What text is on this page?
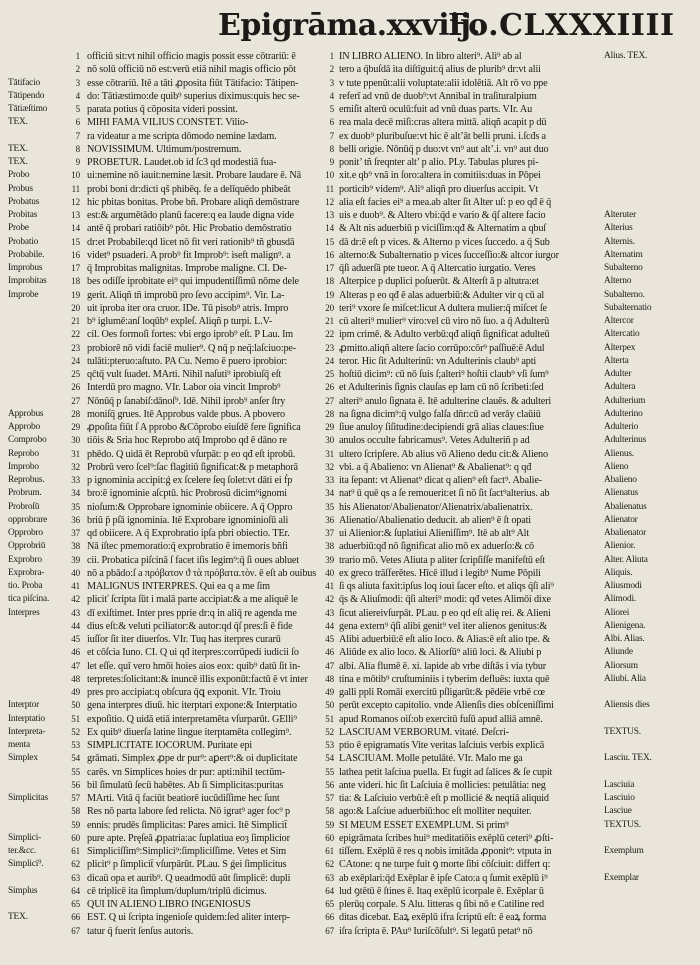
Epigrāma.xxviij.
Fo.CLXXXIIII
Tātifacio
Tātipendo
Tātiæſtimo
TEX.
TEX.
TEX.
Probo
Probus
Probatus
Probitas
Probe
Probatio
Probabile.
Improbus
Improbitas
Improbe
Approbus
Approbo
Comprobo
Reprobo
Improbo
Reprobus.
Probrum.
Probroſū
opprobrare
Opprobro
Opprobriū
Exprobro
Exprobra-
tio. Proba
tica piſcina.
Interpres
Interptor
Interptatio
Interpreta-
menta
Simplex
Simplicitas
Simplici-
ter.&cc.
Simplici⁹.
Simplus
TEX.
1 officiū sit:vt nihil officio magis possit esse cōtrariū: ē
2 nō solū officiū nō est:verū etiā nihil magis officio pōt
3 esse cōtrariū. Itē a tāti ꝓposita fiūt Tātifacio: Tātipen-
4 do: Tātiæstimo:de quib⁹ superius diximus:quis hec se-
5 parata potius q̄ cōposita videri possint.
6 MIHI FAMA VILIUS CONSTET. Vilio-
7 ra videatur a me scripta dōmodo nemine lædam.
8 NOVISSIMUM. Ultimum/postremum.
9 PROBETUR. Laudet.ob id ſc3 qd modestiā fua-
10 ui:nemine nō iauit:nemine læsit. Probare laudare ē. Nā
11 probi boni dr:dicti qš phibēq. fe a delīquēdo phibeāt
12 hic pbitas bonitas. Probe bñ. Probare aliqñ demōstrare
13 est:& argumētādo planū facere:q ea laude digna vide
14 antē q̄ probari ratiōib⁹ pōt. Hic Probatio demōstratio
15 dr:et Probabile:qd licet nō fit veri rationib⁹ tñ gbusdā
16 videt⁹ psuaderi. A prob⁹ fit Improb⁹: iseft malign⁹. a
17 q̄ Improbitas malignitas. Improbe maligne. CI. De-
18 bes odiſſe iprobitate ei⁹ qui impudentiſſimū nōme dele
19 gerit. Aliqñ tñ improbū pro ſevo accipim⁹. Vir. La-
20 uit iproba iter ora cruor. IDe. Tū pisob⁹ atris. Impro
21 b⁹ iglumē:anſ loqūb⁹ expleſ. Aliqñ p turpi. L.V-
22 cil. Oes formoſi fortes: vbi ergo iprob⁹ eſt. P Lau. Im
23 probiorē nō vidi faciē mulier⁹. Q nq̄ p neq̄:laſciuo:pe-
24 tulāti:pteruo:aſtuto. PA Cu. Nemo ē puero iprobior:
25 qc̄tq̄ vult ſuadet. MArti. Nihil naſuti⁹ iprobiuſq̄ eſt
26 Interdū pro magno. VIr. Labor oia vincit Improb⁹
27 Nōnūq̄ p ſanabiſ:dānoſ⁹. Idē. Nihil iprob⁹ anſer ſtry
28 moniſq̄ grues. Itē Approbus valde pbus. A pbovero
29 ꝓpoſita fiūt ſ A pprobo &Cōprobo eiuſdē fere ſignifica
30 tiōis & Sria hoc Reprobo atq̄ Improbo qd ē dāno re
31 phēdo. Q uidā ēt Reprobū vſurpāt: p eo qđ eſt iprobū.
32 Probrū vero ſcel⁹:ſac flagitiū ſignificat:& p metaphorā
33 p ignominia accipit:ǵ ex ſcelere ſeq ſolet:vt dāti ei ḟp
34 bro:ē ignominie aſcptū. hic Probrosū dicim⁹ignomi
35 nioſum:& Opprobare ignominie obiicere. A q̄ Oppro
36 briū p̄ pſā ignominia. Itē Exprobare ignominioſū ali
37 qd obiicere. A q̄ Exprobratio ipſa pbri obiectio. TEr.
38 Nā iſtec pmemoratio:q̄ exprobratio ē imemoris bñfi
39 cii. Probatica piſcinā ſ facet iſis legim⁹:q̄ ſi oues abluet
40 nō a pbādo:ſ a πρόβατον ϑ τὰ πρόβατα.τὸν. ē eſt ab ouibus
41 MALIGNUS INTERPRES. Qui ea q a me ſim
42 pliciť ſcripta ſūt i malā parte accipiat:& a me aliquē le
43 dī exiſtimet. Inter pres pprie dr:q in aliq̄ re agenda me
44 dius eſt:& veluti pciliator:& autor:qd q̄ſ pres:ſi ē fide
45 iuſſor ſit iter diuerſos. VIr. Tuq has iterpres curarū
46 et cōſcia Iuno. CI. Q ui qđ iterpres:corrūpedi iudicii ſo
47 let eſſe. quī vero hmōi hoies aios eox: quib⁹ datū ſit in-
48 terpretes:ſolicitant:& inuncē illis exponūt:factū ē vt inter
49 pres pro accipiat:q obſcura q̄ꝗ exponit. VIr. Troiu
50 gena interpres diuū. hic iterptari expone:& Interptatio
51 expoſitio. Q uidā etiā interpretamēta vſurparūt. GElli⁹
52 Ex quib⁹ diuerſa latine lingue iterptamēta collegim⁹.
53 SIMPLICITATE IOCORUM. Puritate epi
54 grāmati. Simplex ꝓpe dr pur⁹: aꝑert⁹:& oi duplicitate
55 carēs. vn Simplices hoies dr pur: apti:nihil tectūm-
56 bil ſimulatū ſecū habētes. Ab ſi Simplicitas:puritas
57 MArti. Vitā q̄ faciūt beatiorē iucūdiſſime hec ſunt
58 Res nō parta labore ſed relicta. Nō igrat⁹ ager foc⁹ p
59 ennis: prudēs ſimplicitas: Pares amici. Itē Simplicit̄
60 pure apte. Pręſeā ꝓpatria:ac ſuplatiua eoȝ ſimplicior
61 Simpliciſſim⁹:Simplici⁹:ſimpliciſſime. Vetes et Sim
62 plicit⁹ p ſimplicit̄ vſurpārūt. PLau. S ǵei ſimplicitus
63 dicaū opa et aurib⁹. Q ueadmodū aūt ſimplicē: dupli
64 cē triplicē ita ſimplum/duplum/triplū dicimus.
65 QUI IN ALIENO LIBRO INGENIOSUS
66 EST. Q ui ſcripta ingenioſe quidem:ſed aliter interp-
67 tatur q̄ fuerit ſenſus autoris.
1 IN LIBRO ALIENO. In libro alteri⁹. Ali⁹ ab al
2 tero a q̄buſdā ita diſtīguit:q̄ alius de plurib⁹ dr:vt alii
3 v tute ppenūt:alii voluptate:alii idolētiā. Alt rō vo ppe
4 referī ad vnū de duob⁹:vt Annibal in traſituralpium
5 emiſit alterū oculū:fuit ad vnū duas parts. VIr. Au
6 rea mala decē miſi:cras altera mittā. aliqñ acapit p dū
7 ex duob⁹ pluribuſue:vt hic ē alt’āt belli pruni. i.ſcđs a
8 belli origie. Nōnūq̄ p duo:vt vn⁹ aut alt’.i. vn⁹ aut duo
9 ponit’ tñ ſreqnter alt’ p alio. PLy. Tabulas plures pi-
10 xit.e qb⁹ vnā in ſoro:altera in comitiis:duas in Pōpei
11 porticib⁹ videm⁹. Ali⁹ aliqñ pro diuerſus accipit. Vt
12 alia eſt facies ei⁹ a mea.ab alter ſit Alter uſ: p eo qđ ē q̄
13 uis e duob⁹. & Altero vbi:q̄d e vario & q̄ſ altere facio
14 & Alt nis aduerbiū p viciſſim:qđ & Alternatim a qbuſ
15 dā dr:ē eſt p vices. & Alterno p vices ſuccedo. a q̄ Sub
16 alterno:& Subalternatio p vices ſucceſſio:& altcor iurgor
17 q̄ſi aduerſā pte tueor. A q̄ Altercatio iurgatio. Veres
18 Alterpice p duplici poſuerūt. & Alterſt ā p altutra:et
19 Alteras p eo qđ ē alas aduerbiū:& Adulter vir q cū al
20 teri⁹ vxore ſe miſcet:licut A dultera mulier:q̄ miſcet ſe
21 cū alteri⁹ mulier⁹ viro:vel cū viro nō ſuo. a q̄ Adulterū
22 ipm crimē. & Adulto verbū:qđ aliqñ ſignificat adulteū
23 ꝓmitto.aliqñ altere ſacio corrūpo:cōr⁹ paſſiuē:ē Adul
24 teror. Hic ſit Adulterinū: vn Adulterinis claub⁹ apti
25 hoſtiū dicim⁹: cū nō ſuis ſ;alteri⁹ hoſtii claub⁹ vſi ſum⁹
26 et Adulterinis ſignis clauſas ep lam cū nō ſcribeti:ſed
27 alteri⁹ anulo ſignata ē. Itē adulterine clauēs. & adulteri
28 na ſigna dicim⁹:q̄ vulgo falſa dñr:cū ad verāy claūiū
29 ſiue anuloy ſiſitudine:decipiendi grā alias claues:ſiue
30 anulos occulte fabricamus⁹. Vetes Adulteriñ p ad
31 ultero ſcripſere. Ab alius vō Alieno dedu cit:& Alieno
32 vbi. a q̄ Abalieno: vn Alienat⁹ & Abalienat⁹: q qđ
33 ita ſepant: vt Alienat⁹ dicat q alien⁹ eſt fact⁹. Abalie-
34 nat⁹ ū quē qs a ſe remouerit:et ſi nō ſit ſact⁹alterius. ab
35 his Alienator/Abalienator/Alienatrix/abalienatrix.
36 Alienatio/Abalienatio deducit. ab alien⁹ ē ſt opati
37 ui Alienior:& ſuplatiui Alieniſſim⁹. Itē ab alt⁹ Alt
38 aduerbiū:qđ nō ſignificat alio mō ex aduerſo:& cō
39 trario mō. Vetes Aliuta p aliter ſcripſiſſe manifeſtū eſt
40 ex greco trāſferētes. Hīcē illud i legib⁹ Nume Pōpili
41 ſi qs aliuta faxit:ipſus loq ioui ſacer eſto. et aliqs q̄ſi ali⁹
42 q̄s & Aliuſmodi: q̄ſi alteri⁹ modi: qđ vetes Alimōi dixe
43 ſicut aliereivſurpāt. PLau. p eo qd eſt alię rei. & Alieni
44 gena extern⁹ q̄ſi alibi genit⁹ vel iter alienos genitus:&
45 Alibi aduerbiū:ē eſt alio loco. & Alias:ē eſt alio tpe. &
46 Aliūde ex alio loco. & Aliorſū⁹ aliū loci. & Aliubi p
47 albi. Alia flumē ē. xi. lapide ab vrbe diſtās i via tybur
48 tina e mōtib⁹ cruſtuminiis i tyberim defluēs: iuxta quē
49 galli ppli Romāi exercitū pſligarūt:& pēdēie vrbē cœ
50 perūt excepto capitolio. vnde Alienſis dies obſceniſſimi
51 apud Romanos oiſ:ob exercitū fuſū apud alliā amnē.
52 LASCIUAM VERBORUM. vitaté. Deſcri-
53 ptio ē epigramatis Vite veritas laſciuis verbis explicā
54 LASCIUAM. Molle petulāté. VIr. Malo me ga
55 lathea petit laſciua puella. Et fugit ad ſalices & ſe cupit
56 ante videri. hic ſit Laſciuia ē mollicies: petulātia: neg
57 tia: & Laſciuio verbū:ē eſt p mollicié & neqtiā aliquid
58 ago:& Laſciue aduerbiū:hoc eſt molliter nequiter.
59 SI MEUM ESSET EXEMPLUM. Si prim⁹
60 epigrāmata ſcribes hui⁹ meditatiōis exēplū ceteri⁹ ꝓſti-
61 tiſſem. Exēplū ē res q nobis imitāda ꝓponit⁹: vtputa in
62 CAtone: q ne turpe fuit ꝯ morte ſibi cōſciuit: differt q:
63 ab exēplari:q̄d Exēplar ē ipſe Cato:a q ſumit exēplū i⁹
64 lud ꝯtētū ē ſtines ē. Itaq exēplū icorpale ē. Exēplar ū
65 plerūq corpale. S Alu. litteras q ſibi nō e Catiline red
66 ditas dicebat. Eaꝝ exēplū ifra ſcriptū eſt: ē eaꝝ forma
67 iſra ſcripta ē. PAu⁹ Iuriſcōſult⁹. Si legatū petat⁹ nō
Alius. TEX.
Alteruter
Alterius
Alternis.
Alternatim
Subalterno
Alterno
Subalterno.
Subalternatio
Altercor
Altercatio
Alterpex
Alterta
Adulter
Adultera
Adulterium
Adulterino
Adulterio
Adulterinus
Alienus.
Alieno
Abalieno
Alienatus
Abalienatus
Alienator
Abalienator
Alienior.
Alter. Aliuta
Aliquis.
Aliusmodi
Alimodi.
Aliorei
Alienigena.
Albi. Alias.
Aliunde
Aliorsum
Aliubi. Alia
Aliensis dies
TEXTUS.
Lasciu. TEX.
Lasciuia
Lasciuio
Lasciue
TEXTUS.
Exemplum
Exemplar
